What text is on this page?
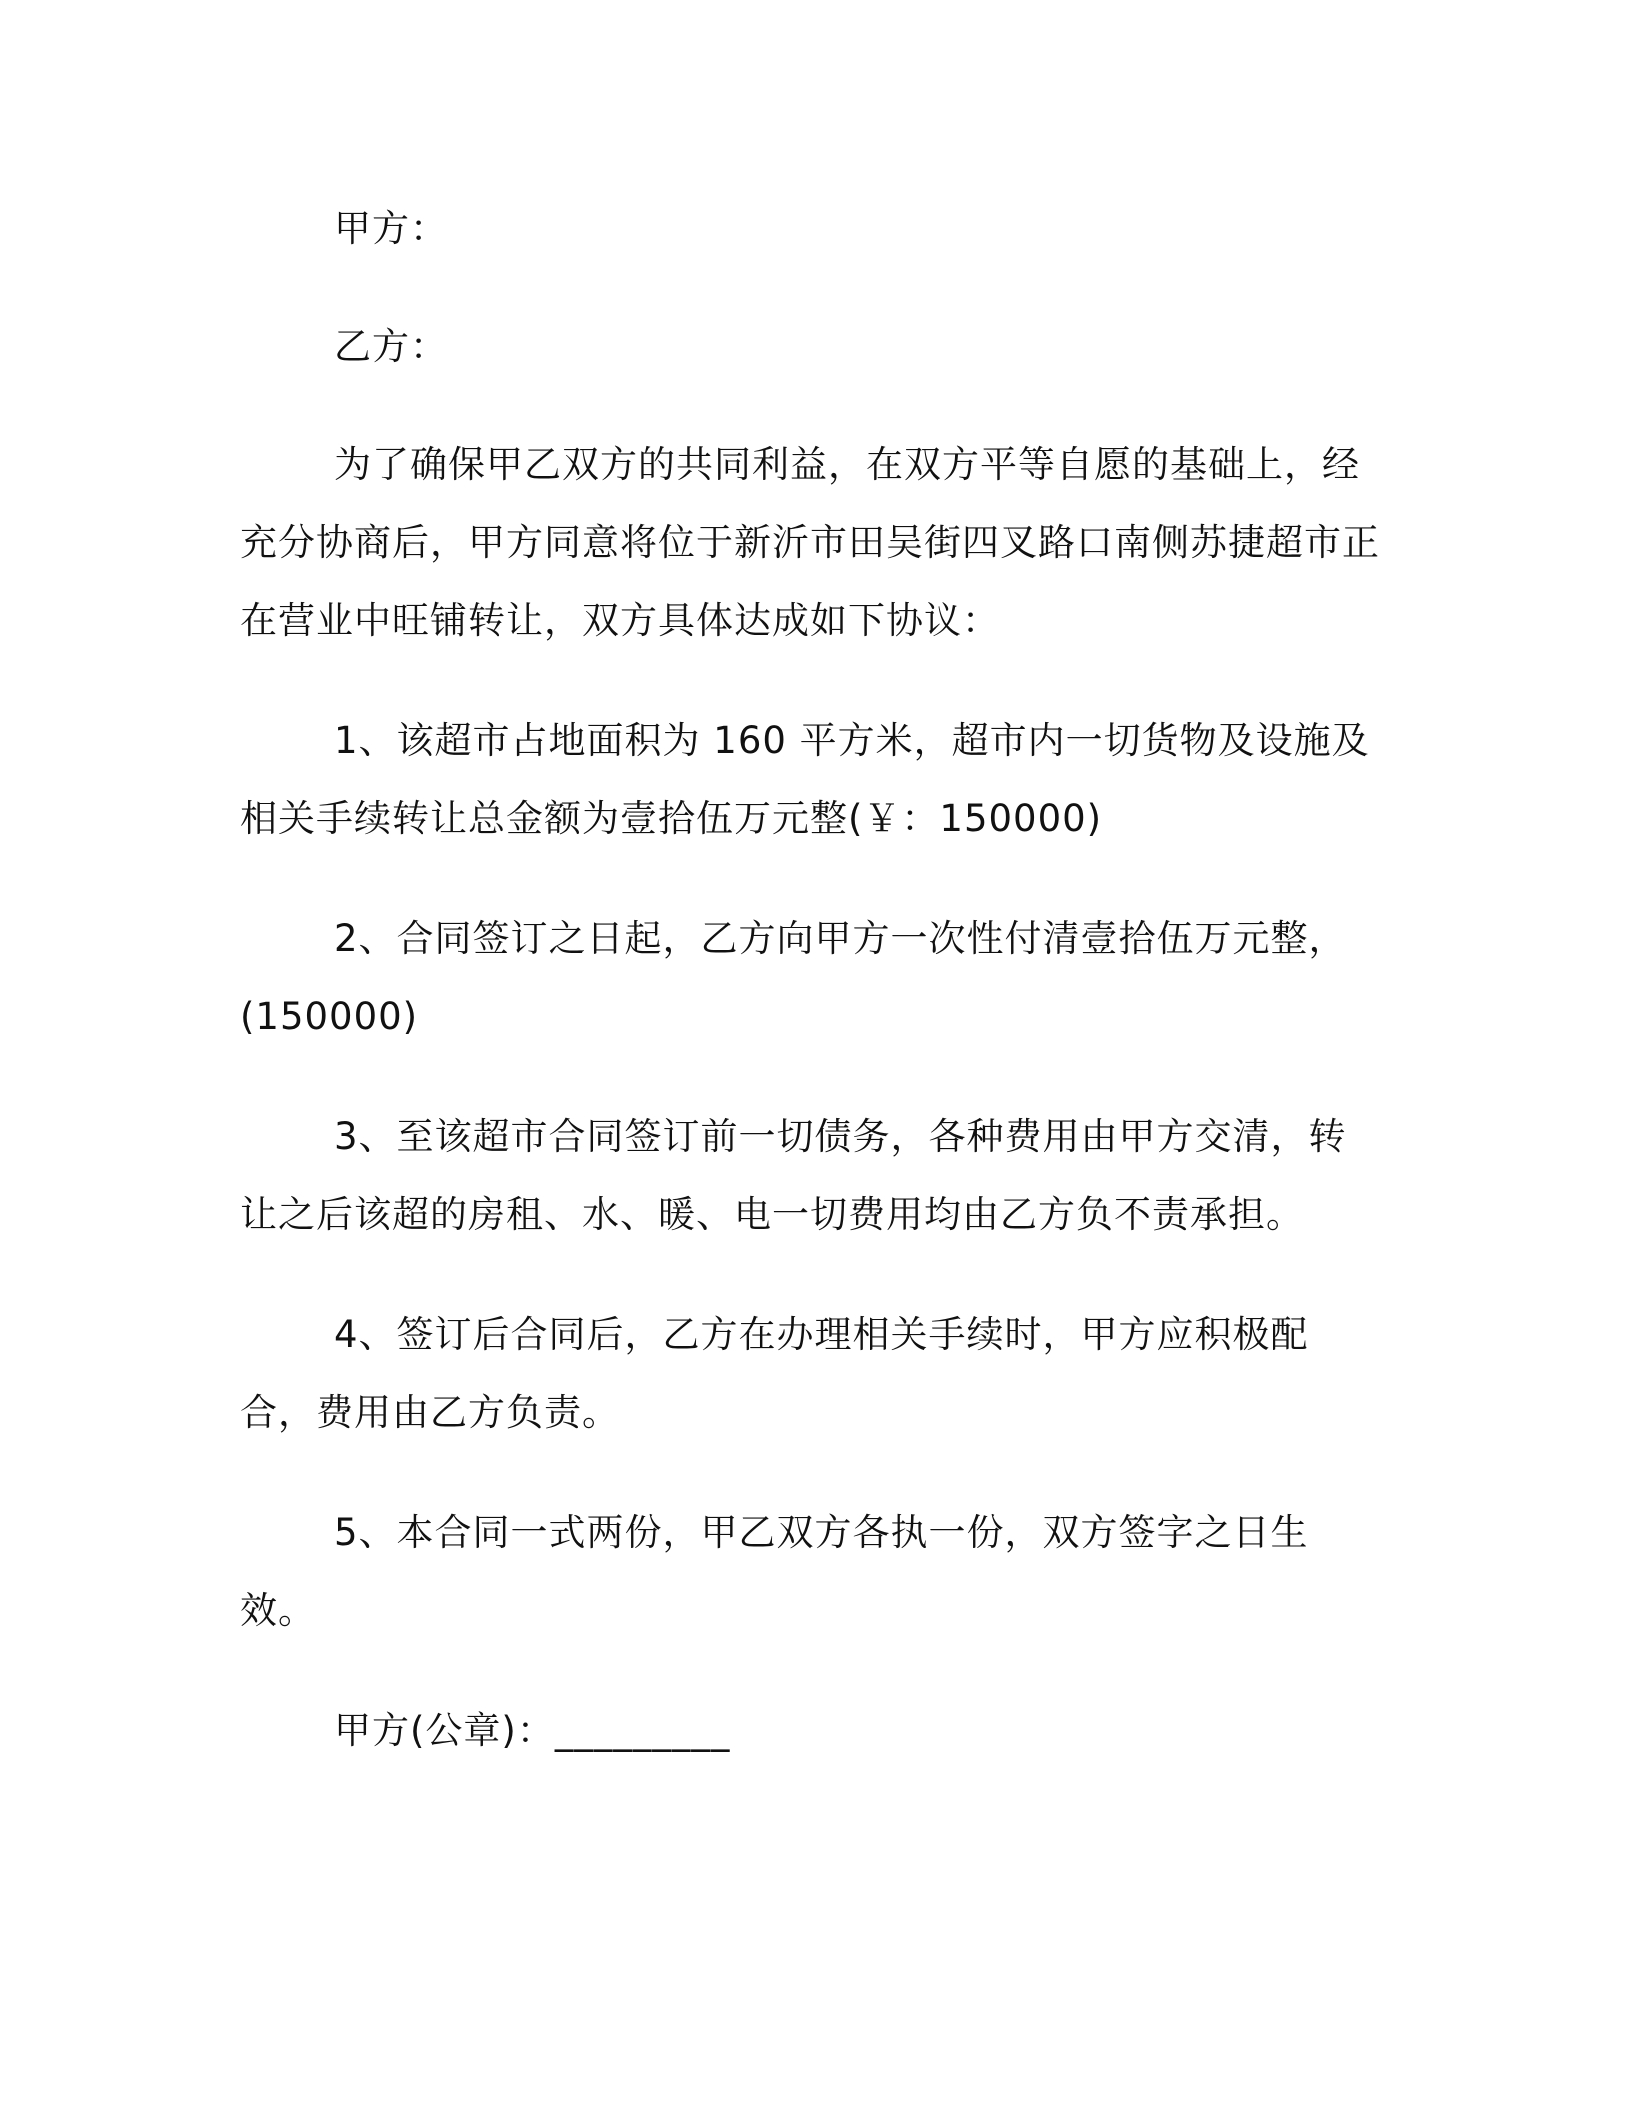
甲方：

乙方：

为了确保甲乙双方的共同利益，在双方平等自愿的基础上，经充分协商后，甲方同意将位于新沂市田吴街四叉路口南侧苏捷超市正在营业中旺铺转让，双方具体达成如下协议：

1、该超市占地面积为 160 平方米，超市内一切货物及设施及相关手续转让总金额为壹拾伍万元整(￥：150000)

2、合同签订之日起，乙方向甲方一次性付清壹拾伍万元整，(150000)

3、至该超市合同签订前一切债务，各种费用由甲方交清，转让之后该超的房租、水、暖、电一切费用均由乙方负不责承担。

4、签订后合同后，乙方在办理相关手续时，甲方应积极配合，费用由乙方负责。

5、本合同一式两份，甲乙双方各执一份，双方签字之日生效。

甲方(公章)：_________
